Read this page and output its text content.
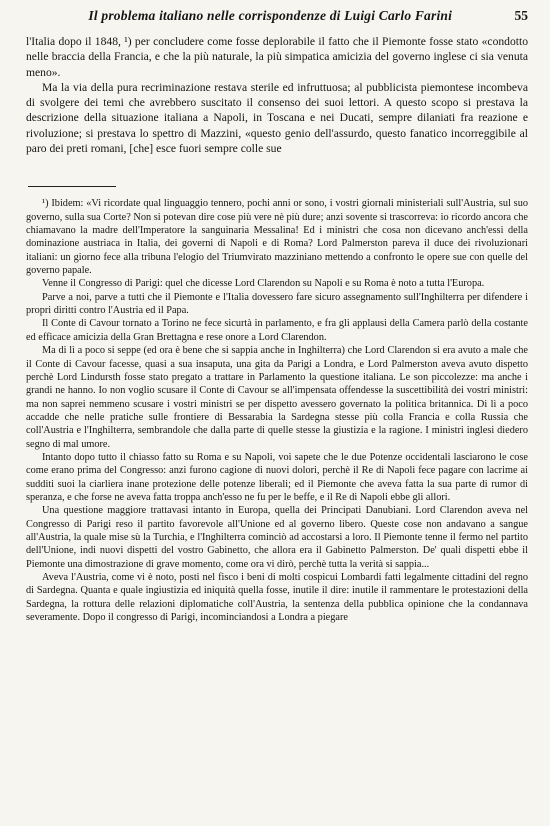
Il problema italiano nelle corrispondenze di Luigi Carlo Farini	55

l'Italia dopo il 1848, ¹) per concludere come fosse deplorabile il fatto che il Piemonte fosse stato «condotto nelle braccia della Francia, e che la più naturale, la più simpatica amicizia del governo inglese ci sia venuta meno».

Ma la via della pura recriminazione restava sterile ed infruttuosa; al pubblicista piemontese incombeva di svolgere dei temi che avrebbero suscitato il consenso dei suoi lettori. A questo scopo si prestava la descrizione della situazione italiana a Napoli, in Toscana e nei Ducati, sempre dilaniati fra reazione e rivoluzione; si prestava lo spettro di Mazzini, «questo genio dell'assurdo, questo fanatico incorreggibile al paro dei preti romani, [che] esce fuori sempre colle sue

¹) Ibidem: «Vi ricordate qual linguaggio tennero, pochi anni or sono, i vostri giornali ministeriali sull'Austria, sul suo governo, sulla sua Corte? Non si potevan dire cose più vere nè più dure; anzi sovente si trascorreva: io ricordo ancora che chiamavano la madre dell'Imperatore la sanguinaria Messalina! Ed i ministri che cosa non dicevano anch'essi della dominazione austriaca in Italia, dei governi di Napoli e di Roma? Lord Palmerston pareva il duce dei rivoluzionari italiani: un giorno fece alla tribuna l'elogio del Triumvirato mazziniano mettendo a confronto le opere sue con quelle del governo papale.

Venne il Congresso di Parigi: quel che dicesse Lord Clarendon su Napoli e su Roma è noto a tutta l'Europa.

Parve a noi, parve a tutti che il Piemonte e l'Italia dovessero fare sicuro assegnamento sull'Inghilterra per difendere i propri diritti contro l'Austria ed il Papa.

Il Conte di Cavour tornato a Torino ne fece sicurtà in parlamento, e fra gli applausi della Camera parlò della costante ed efficace amicizia della Gran Brettagna e rese onore a Lord Clarendon.

Ma di lì a poco si seppe (ed ora è bene che si sappia anche in Inghilterra) che Lord Clarendon si era avuto a male che il Conte di Cavour facesse, quasi a sua insaputa, una gita da Parigi a Londra, e Lord Palmerston aveva avuto dispetto perchè Lord Lindursth fosse stato pregato a trattare in Parlamento la questione italiana. Le son piccolezze: ma anche i grandi ne hanno. Io non voglio scusare il Conte di Cavour se all'impensata offendesse la suscettibilità dei vostri ministri: ma non saprei nemmeno scusare i vostri ministri se per dispetto avessero governato la politica britannica. Di lì a poco accadde che nelle pratiche sulle frontiere di Bessarabia la Sardegna stesse più colla Francia e colla Russia che coll'Austria e l'Inghilterra, sembrandole che dalla parte di quelle stesse la giustizia e la ragione. I ministri inglesi diedero segno di mal umore.

Intanto dopo tutto il chiasso fatto su Roma e su Napoli, voi sapete che le due Potenze occidentali lasciarono le cose come erano prima del Congresso: anzi furono cagione di nuovi dolori, perchè il Re di Napoli fece pagare con lacrime ai sudditi suoi la ciarliera inane protezione delle potenze liberali; ed il Piemonte che aveva fatta la sua parte di rumor di speranza, e che forse ne aveva fatta troppa anch'esso ne fu per le beffe, e il Re di Napoli ebbe gli allori.

Una questione maggiore trattavasi intanto in Europa, quella dei Principati Danubiani. Lord Clarendon aveva nel Congresso di Parigi reso il partito favorevole all'Unione ed al governo libero. Queste cose non andavano a sangue all'Austria, la quale mise sù la Turchia, e l'Inghilterra cominciò ad accostarsi a loro. Il Piemonte tenne il fermo nel partito dell'Unione, indi nuovi dispetti del vostro Gabinetto, che allora era il Gabinetto Palmerston. De' quali dispetti ebbe il Piemonte una dimostrazione di grave momento, come ora vi dirò, perchè tutta la verità si sappia...

Aveva l'Austria, come vi è noto, posti nel fisco i beni di molti cospicui Lombardi fatti legalmente cittadini del regno di Sardegna. Quanta e quale ingiustizia ed iniquità quella fosse, inutile il dire: inutile il rammentare le protestazioni della Sardegna, la rottura delle relazioni diplomatiche coll'Austria, la sentenza della pubblica opinione che la condannava severamente. Dopo il congresso di Parigi, incominciandosi a Londra a piegare
